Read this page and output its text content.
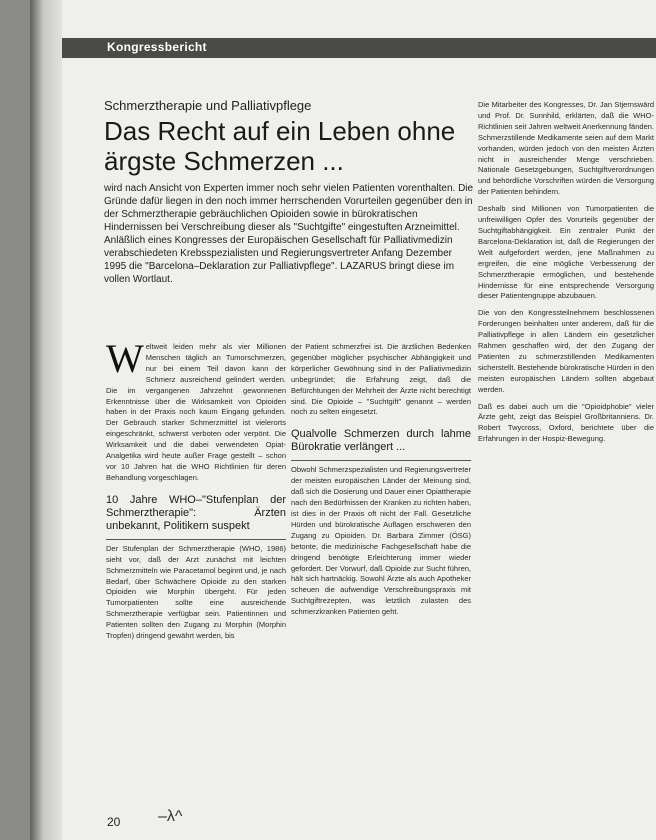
Kongressbericht
Schmerztherapie und Palliativpflege
Das Recht auf ein Leben ohne ärgste Schmerzen ...

wird nach Ansicht von Experten immer noch sehr vielen Patienten vorenthalten. Die Gründe dafür liegen in den noch immer herrschenden Vorurteilen gegenüber den in der Schmerztherapie gebräuchlichen Opioiden sowie in bürokratischen Hindernissen bei Verschreibung dieser als "Suchtgifte" eingestuften Arzneimittel. Anläßlich eines Kongresses der Europäischen Gesellschaft für Palliativmedizin verabschiedeten Krebsspezialisten und Regierungsvertreter Anfang Dezember 1995 die "Barcelona–Deklaration zur Palliativpflege". LAZARUS bringt diese im vollen Wortlaut.

W eltweit leiden mehr als vier Millionen Menschen täglich an Tumorschmerzen, nur bei einem Teil davon kann der Schmerz ausreichend gelindert werden. Die im vergangenen Jahrzehnt gewonnenen Erkenntnisse über die Wirksamkeit von Opioiden haben in der Praxis noch kaum Eingang gefunden. Der Gebrauch starker Schmerzmittel ist vielerorts eingeschränkt, schwerst verboten oder verpönt. Die Wirksamkeit und die dabei verwendeten Opiat-Analgetika wird heute außer Frage gestellt – schon vor 10 Jahren hat die WHO Richtlinien für deren Behandlung vorgeschlagen.

10 Jahre WHO–"Stufenplan der Schmerztherapie": Ärzten unbekannt, Politikern suspekt

Der Stufenplan der Schmerztherapie (WHO, 1986) sieht vor, daß der Arzt zunächst mit leichten Schmerzmitteln wie Paracetamol beginnt und, je nach Bedarf, über Schwächere Opioide zu den starken Opioiden wie Morphin übergeht. Für jeden Tumorpatienten sollte eine ausreichende Schmerztherapie verfügbar sein. Patientinnen und Patienten sollten den Zugang zu Morphin (Morphin Tropfen) dringend gewährt werden, bis

der Patient schmerzfrei ist. Die ärztlichen Bedenken gegenüber möglicher psychischer Abhängigkeit und körperlicher Gewöhnung sind in der Palliativmedizin unbegründet; die Erfahrung zeigt, daß die Befürchtungen der Mehrheit der Ärzte nicht berechtigt sind. Die Opioide – "Suchtgift" genannt – werden noch zu selten eingesetzt.

Qualvolle Schmerzen durch lahme Bürokratie verlängert ...

Obwohl Schmerzspezialisten und Regierungsvertreter der meisten europäischen Länder der Meinung sind, daß sich die Dosierung und Dauer einer Opiattherapie nach den Bedürfnissen der Kranken zu richten haben, ist dies in der Praxis oft nicht der Fall. Gesetzliche Hürden und bürokratische Auflagen erschweren den Zugang zu Opioiden. Dr. Barbara Zimmer (ÖSG) betonte, die medizinische Fachgesellschaft habe die dringend benötigte Erleichterung immer wieder gefordert. Der Vorwurf, daß Opioide zur Sucht führen, hält sich hartnäckig. Sowohl Ärzte als auch Apotheker scheuen die aufwendige Verschreibungspraxis mit Suchtgiftrezepten, was letztlich zulasten des schmerzkranken Patienten geht.

Die Mitarbeiter des Kongresses, Dr. Jan Stjernswärd und Prof. Dr. Sunnhild, erklärten, daß die WHO-Richtlinien seit Jahren weltweit Anerkennung fänden. Schmerzstillende Medikamente seien auf dem Markt vorhanden, würden jedoch von den meisten Ärzten nicht in ausreichender Menge verschrieben. Nationale Gesetzgebungen, Suchtgiftverordnungen und behördliche Vorschriften würden die Versorgung der Patienten behindern.

Deshalb sind Millionen von Tumorpatienten die unfreiwilligen Opfer des Vorurteils gegenüber der Suchtgiftabhängigkeit. Ein zentraler Punkt der Barcelona-Deklaration ist, daß die Regierungen der Welt aufgefordert werden, jene Maßnahmen zu ergreifen, die eine mögliche Verbesserung der Schmerztherapie ermöglichen, und bestehende Hindernisse für eine entsprechende Versorgung dieser Patientengruppe abzubauen.

Die von den Kongressteilnehmern beschlossenen Forderungen beinhalten unter anderem, daß für die Palliativpflege in allen Ländern ein gesetzlicher Rahmen geschaffen wird, der den Zugang der Patienten zu schmerzstillenden Medikamenten sicherstellt. Bestehende bürokratische Hürden in den meisten europäischen Ländern sollten abgebaut werden.

Daß es dabei auch um die "Opioidphobie" vieler Ärzte geht, zeigt das Beispiel Großbritanniens. Dr. Robert Twycross, Oxford, berichtete über die Erfahrungen in der Hospiz-Bewegung.

20 –λ^
